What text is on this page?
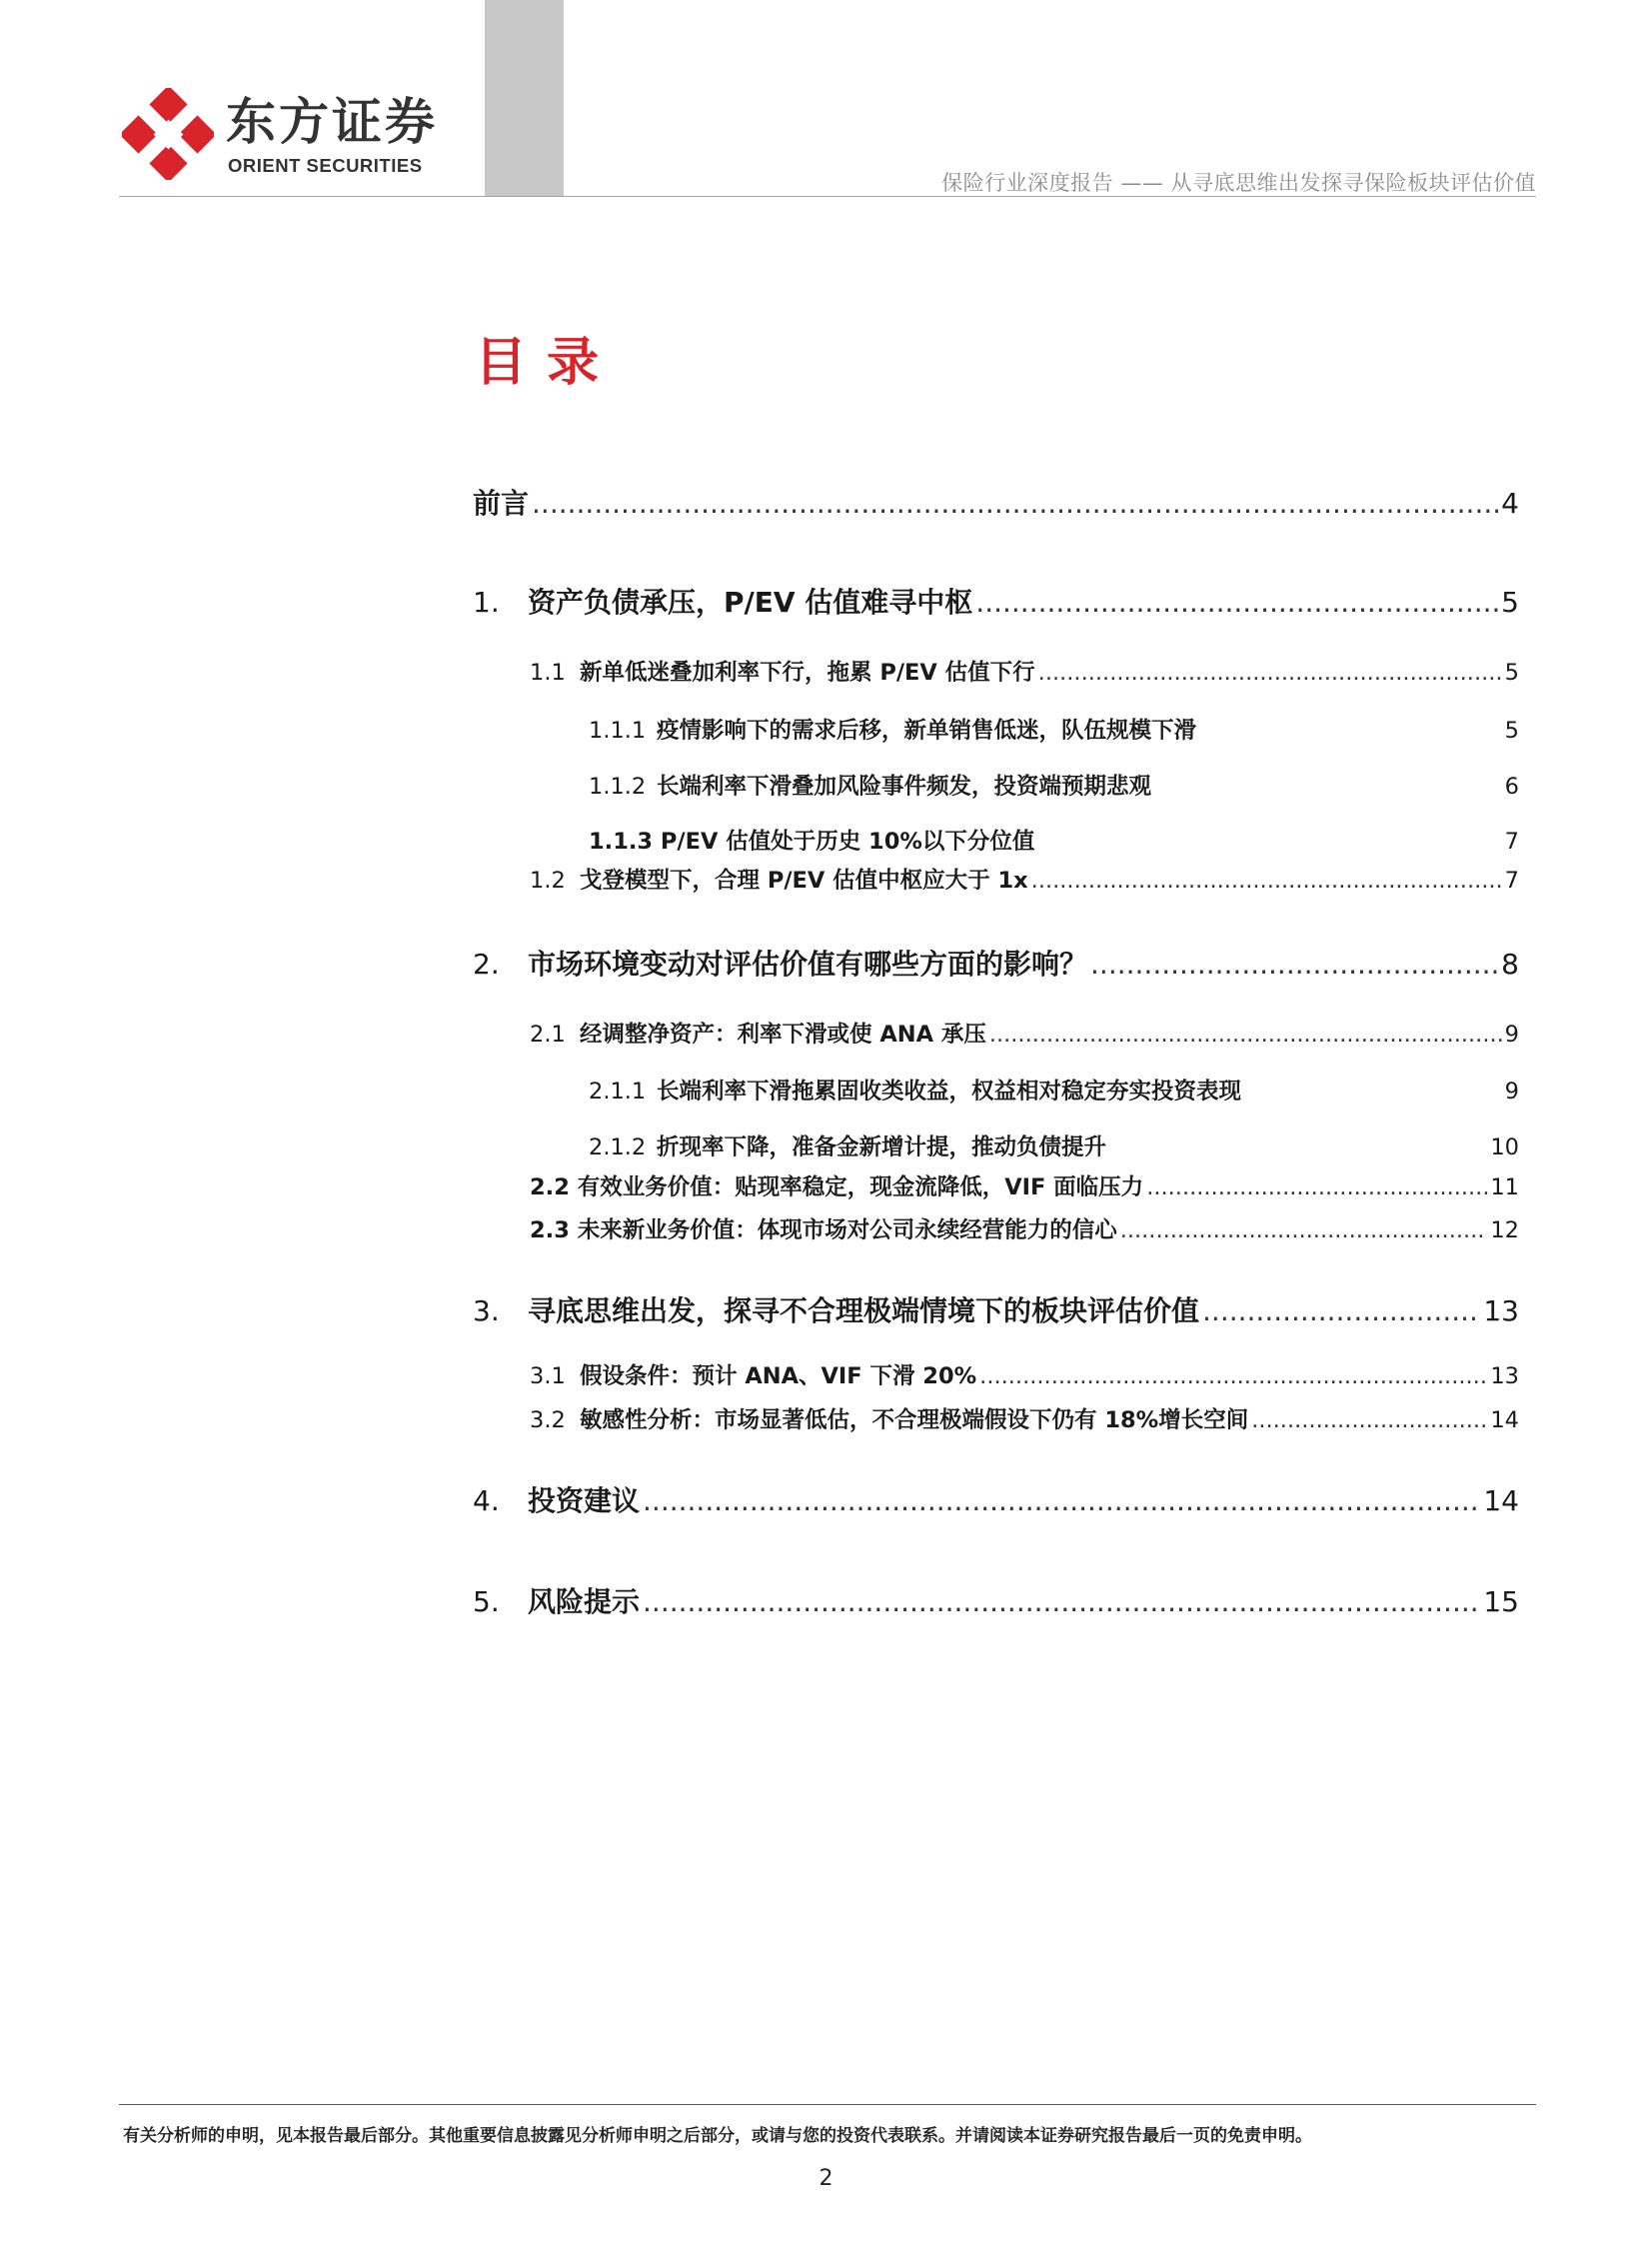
东方证券
ORIENT SECURITIES
保险行业深度报告 —— 从寻底思维出发探寻保险板块评估价值
目录
前言 .....	4
1. 资产负债承压，P/EV 估值难寻中枢 .....	5
1.1 新单低迷叠加利率下行，拖累 P/EV 估值下行 .....	5
1.1.1 疫情影响下的需求后移，新单销售低迷，队伍规模下滑	5
1.1.2 长端利率下滑叠加风险事件频发，投资端预期悲观	6
1.1.3 P/EV 估值处于历史 10%以下分位值	7
1.2 戈登模型下，合理 P/EV 估值中枢应大于 1x .....	7
2. 市场环境变动对评估价值有哪些方面的影响？ .....	8
2.1 经调整净资产：利率下滑或使 ANA 承压 .....	9
2.1.1 长端利率下滑拖累固收类收益，权益相对稳定夯实投资表现	9
2.1.2 折现率下降，准备金新增计提，推动负债提升	10
2.2 有效业务价值：贴现率稳定，现金流降低，VIF 面临压力 .....	11
2.3 未来新业务价值：体现市场对公司永续经营能力的信心 .....	12
3. 寻底思维出发，探寻不合理极端情境下的板块评估价值 .....	13
3.1 假设条件：预计 ANA、VIF 下滑 20% .....	13
3.2 敏感性分析：市场显著低估，不合理极端假设下仍有 18%增长空间 .....	14
4. 投资建议 .....	14
5. 风险提示 .....	15
有关分析师的申明，见本报告最后部分。其他重要信息披露见分析师申明之后部分，或请与您的投资代表联系。并请阅读本证券研究报告最后一页的免责申明。
2
